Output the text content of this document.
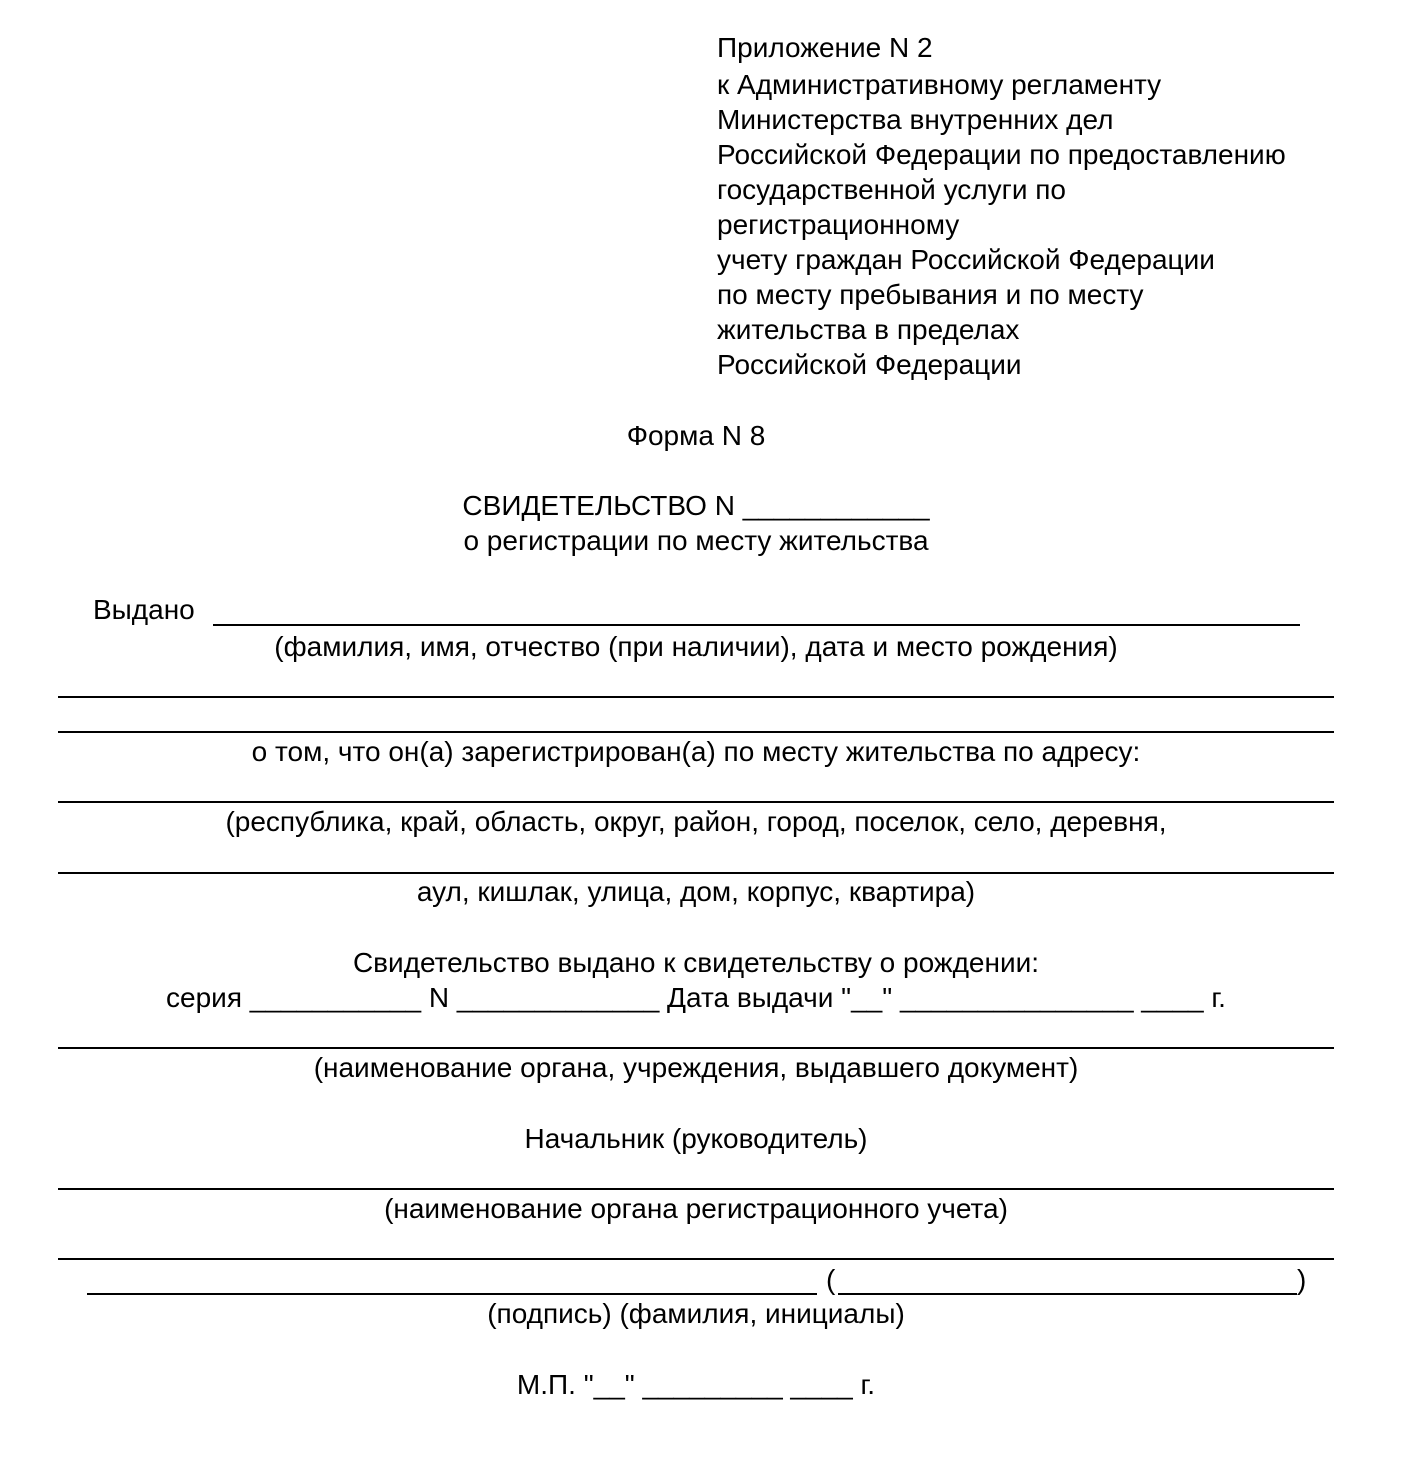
Приложение N 2
к Административному регламенту
Министерства внутренних дел
Российской Федерации по предоставлению
государственной услуги по
регистрационному
учету граждан Российской Федерации
по месту пребывания и по месту
жительства в пределах
Российской Федерации
Форма N 8
СВИДЕТЕЛЬСТВО N ____________
о регистрации по месту жительства
Выдано
(фамилия, имя, отчество (при наличии), дата и место рождения)
о том, что он(а) зарегистрирован(а) по месту жительства по адресу:
(республика, край, область, округ, район, город, поселок, село, деревня,
аул, кишлак, улица, дом, корпус, квартира)
Свидетельство выдано к свидетельству о рождении:
серия ___________ N _____________ Дата выдачи "__" _______________ ____ г.
(наименование органа, учреждения, выдавшего документ)
Начальник (руководитель)
(наименование органа регистрационного учета)
(	)
(подпись) (фамилия, инициалы)
М.П. "__" _________ ____ г.
